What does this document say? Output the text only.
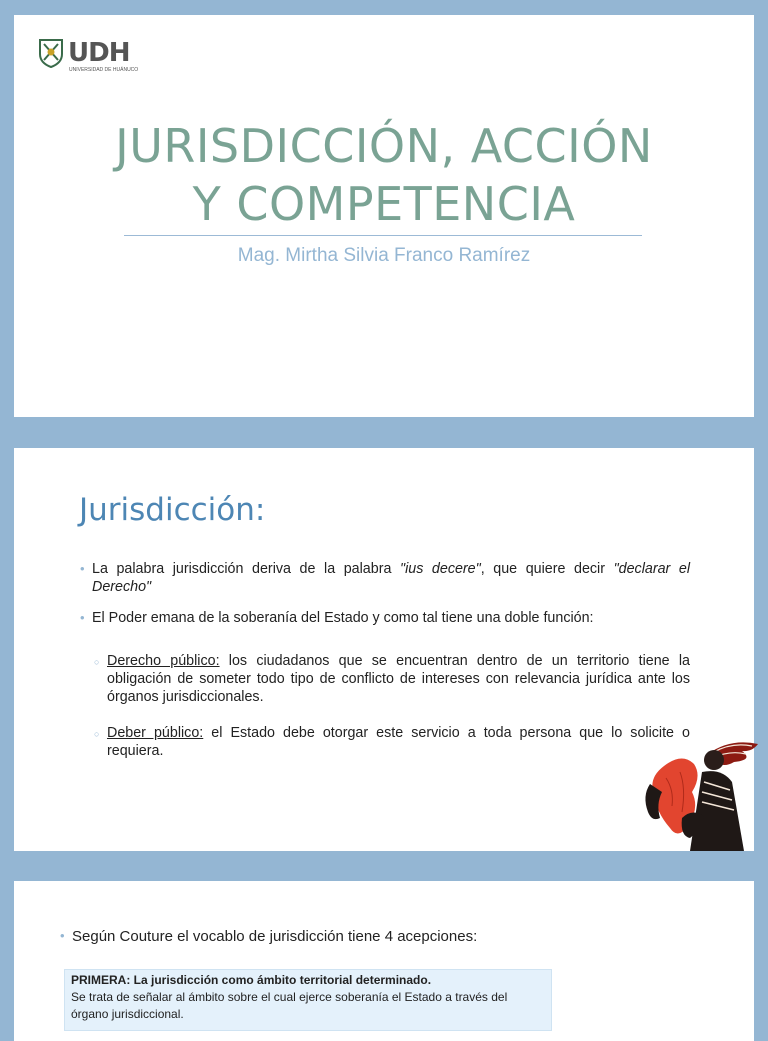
UDH
UNIVERSIDAD DE HUÁNUCO
JURISDICCIÓN, ACCIÓN
Y COMPETENCIA
Mag. Mirtha Silvia Franco Ramírez
Jurisdicción:
• La palabra jurisdicción deriva de la palabra "ius decere", que quiere decir "declarar el Derecho"
• El Poder emana de la soberanía del Estado y como tal tiene una doble función:
○ Derecho público: los ciudadanos que se encuentran dentro de un territorio tiene la obligación de someter todo tipo de conflicto de intereses con relevancia jurídica ante los órganos jurisdiccionales.
○ Deber público: el Estado debe otorgar este servicio a toda persona que lo solicite o requiera.
• Según Couture el vocablo de jurisdicción tiene 4 acepciones:
PRIMERA: La jurisdicción como ámbito territorial determinado.
Se trata de señalar al ámbito sobre el cual ejerce soberanía el Estado a través del órgano jurisdiccional.
